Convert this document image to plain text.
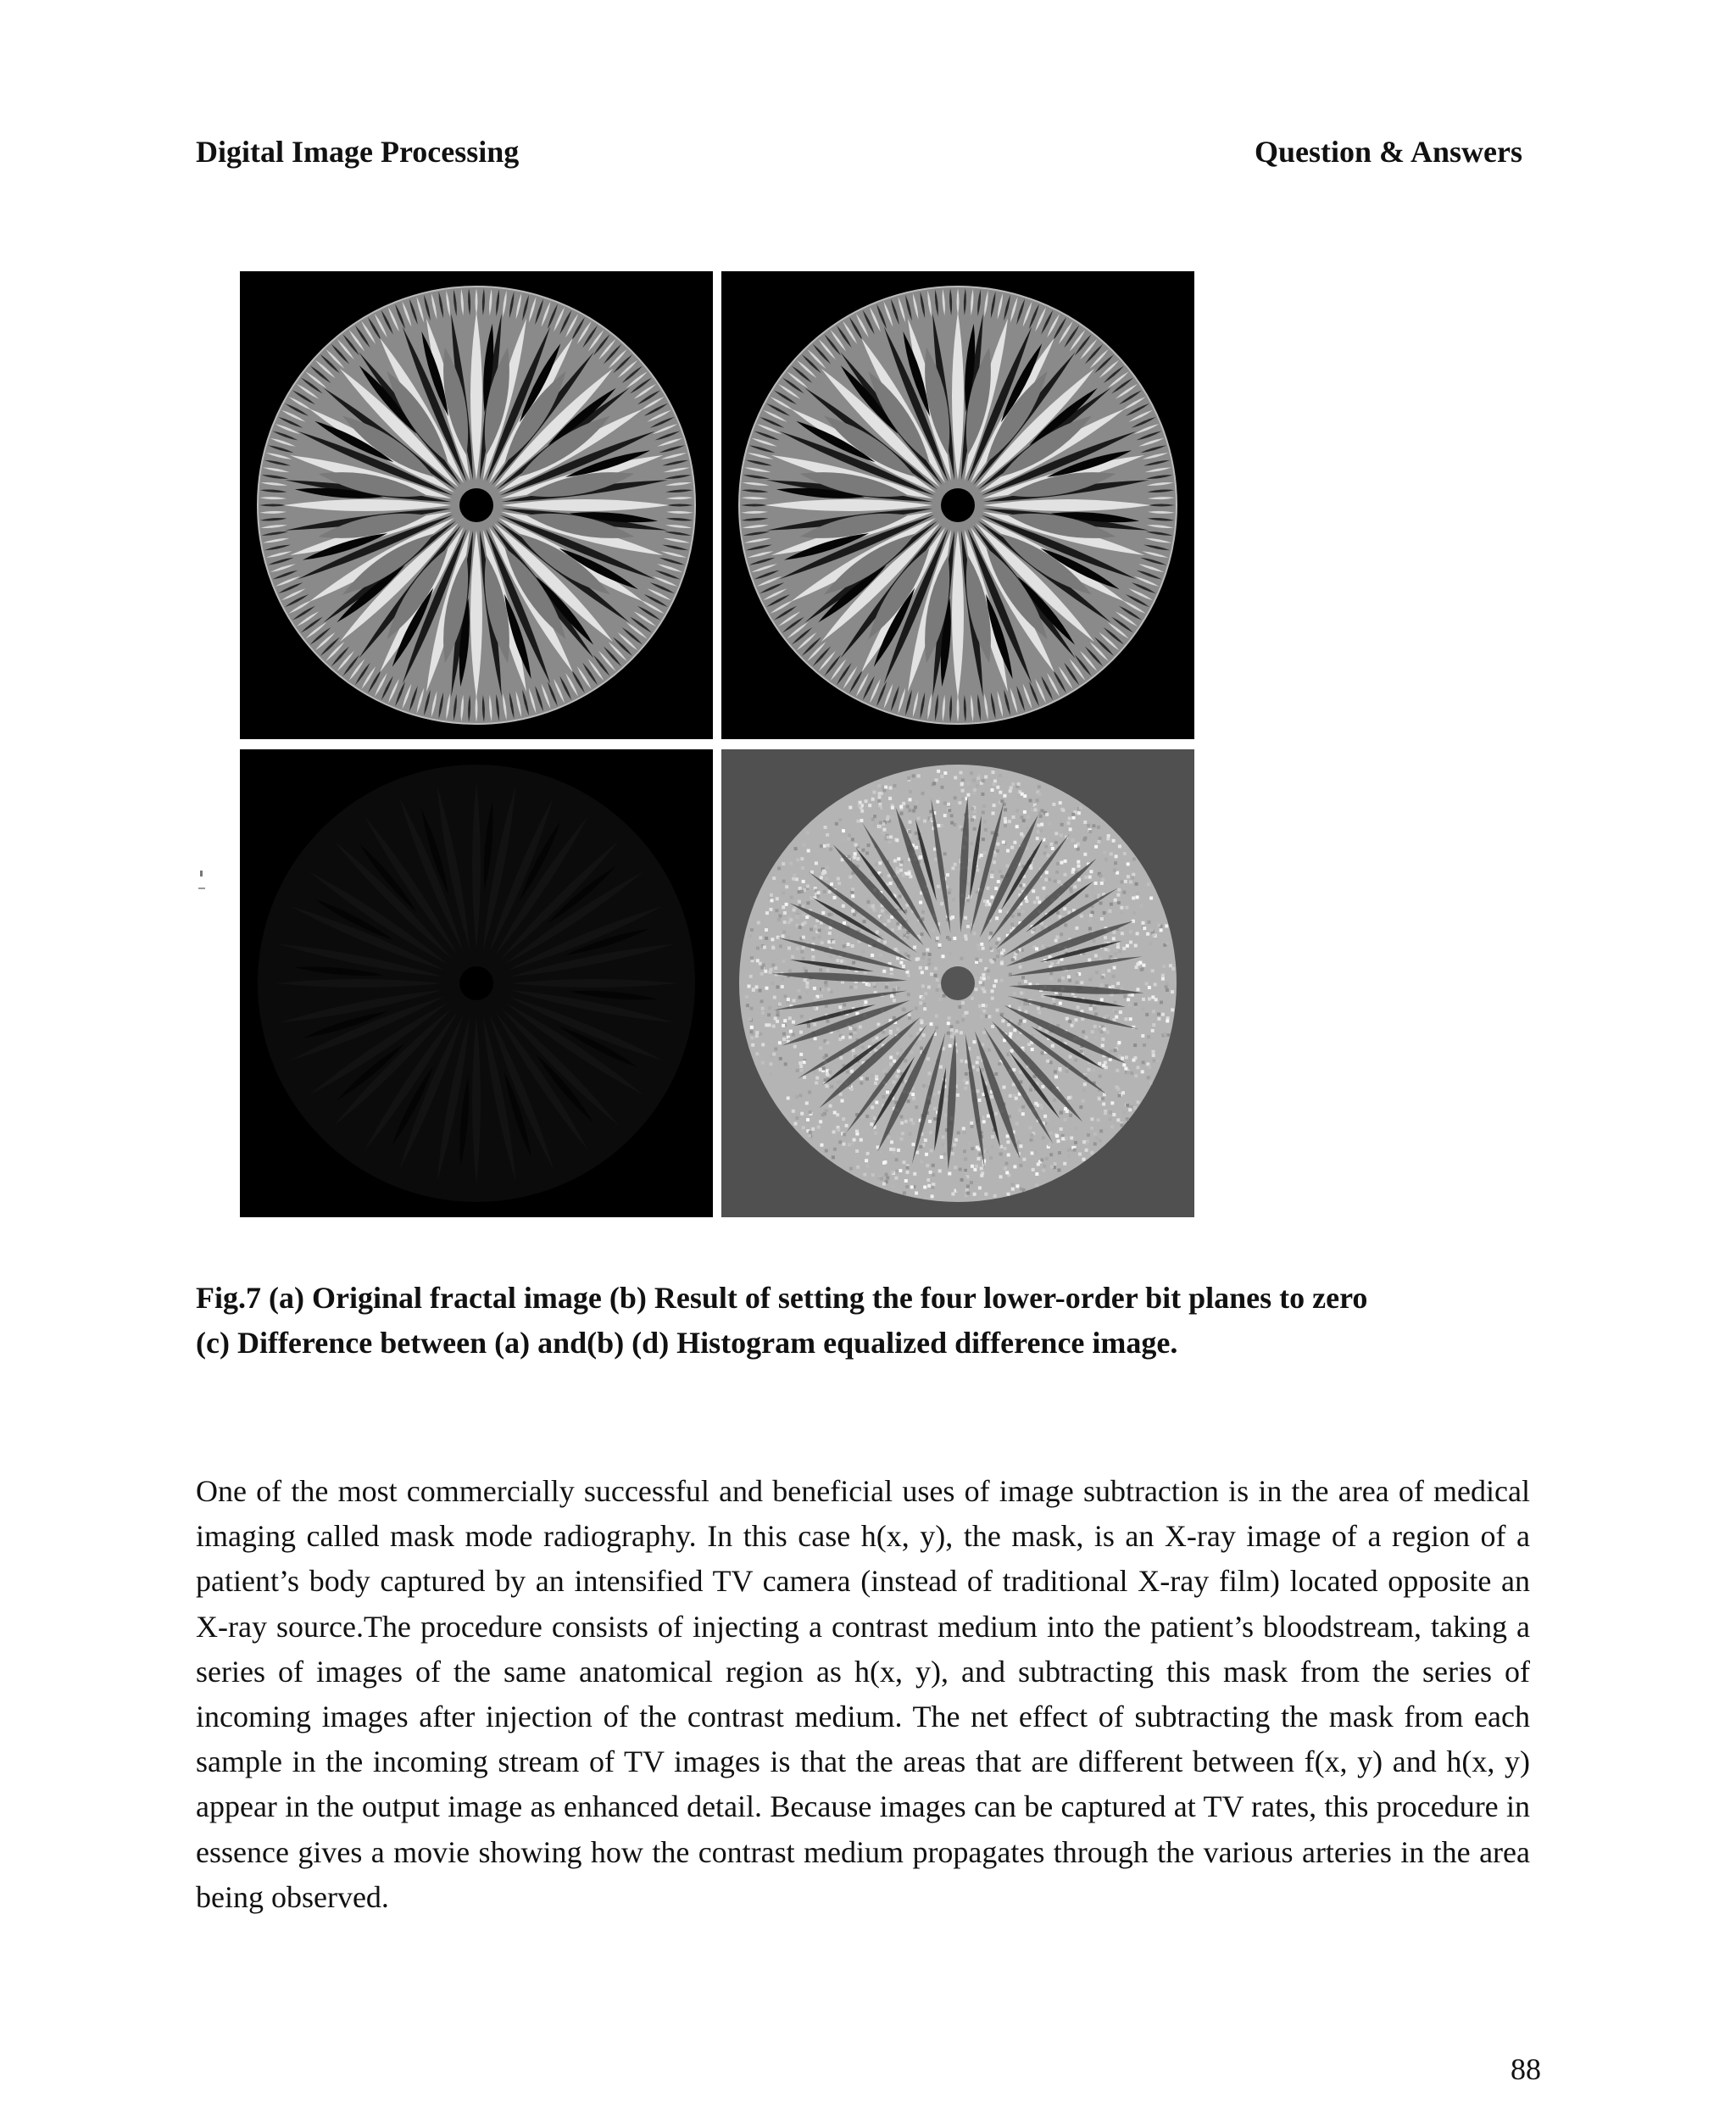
Digital Image Processing	Question & Answers
Fig.7 (a) Original fractal image (b) Result of setting the four lower-order bit planes to zero
(c) Difference between (a) and(b) (d) Histogram equalized difference image.
One of the most commercially successful and beneficial uses of image subtraction is in the area of medical imaging called mask mode radiography. In this case h(x, y), the mask, is an X-ray image of a region of a patient’s body captured by an intensified TV camera (instead of traditional X-ray film) located opposite an X-ray source.The procedure consists of injecting a contrast medium into the patient’s bloodstream, taking a series of images of the same anatomical region as h(x, y), and subtracting this mask from the series of incoming images after injection of the contrast medium. The net effect of subtracting the mask from each sample in the incoming stream of TV images is that the areas that are different between f(x, y) and h(x, y) appear in the output image as enhanced detail. Because images can be captured at TV rates, this procedure in essence gives a movie showing how the contrast medium propagates through the various arteries in the area being observed.
88
